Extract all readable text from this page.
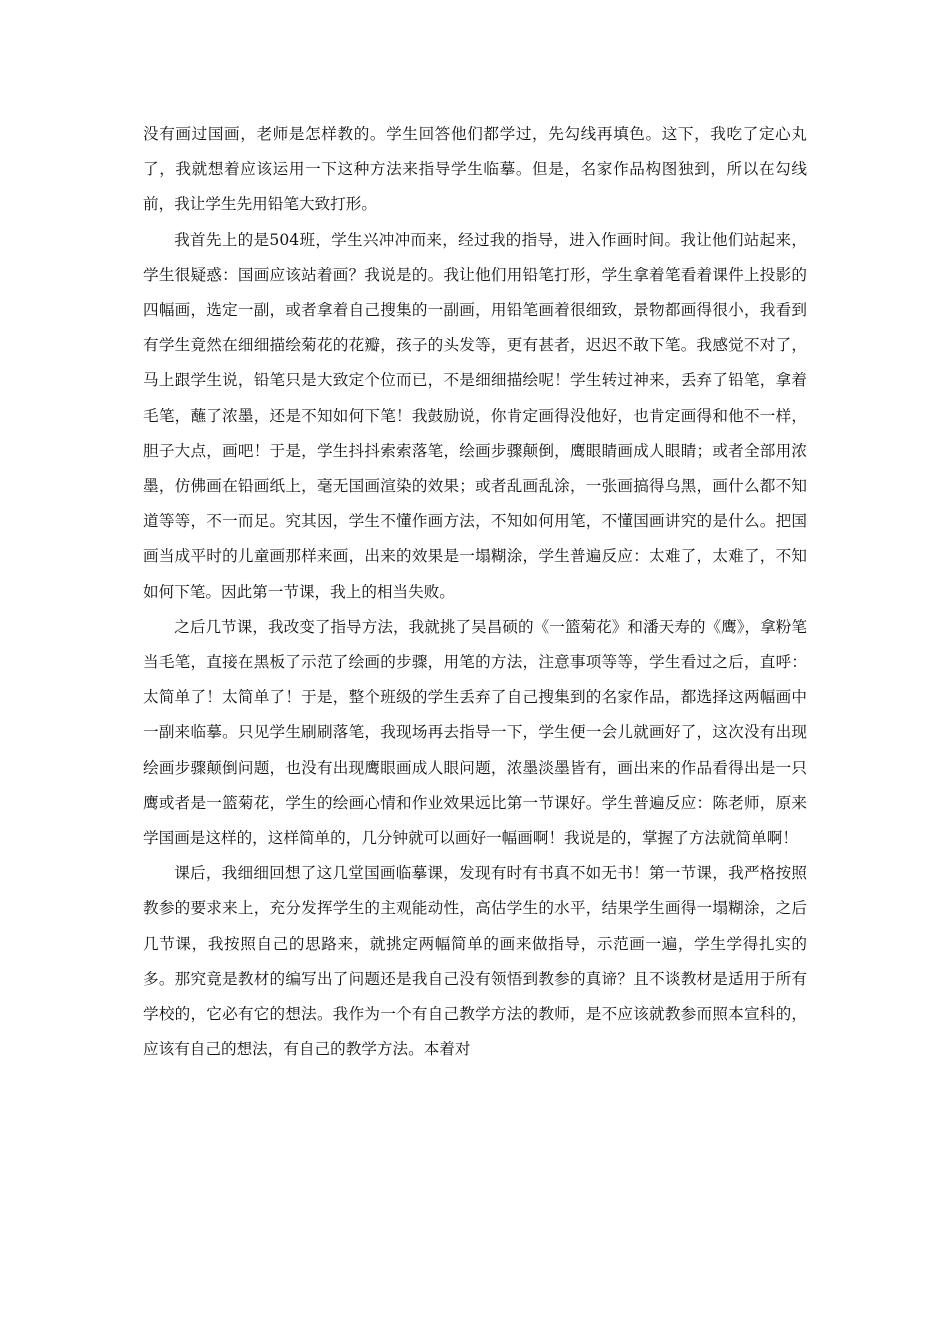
没有画过国画，老师是怎样教的。学生回答他们都学过，先勾线再填色。这下，我吃了定心丸了，我就想着应该运用一下这种方法来指导学生临摹。但是，名家作品构图独到，所以在勾线前，我让学生先用铅笔大致打形。

我首先上的是504班，学生兴冲冲而来，经过我的指导，进入作画时间。我让他们站起来，学生很疑惑：国画应该站着画？我说是的。我让他们用铅笔打形，学生拿着笔看着课件上投影的四幅画，选定一副，或者拿着自己搜集的一副画，用铅笔画着很细致，景物都画得很小，我看到有学生竟然在细细描绘菊花的花瓣，孩子的头发等，更有甚者，迟迟不敢下笔。我感觉不对了，马上跟学生说，铅笔只是大致定个位而已，不是细细描绘呢！学生转过神来，丢弃了铅笔，拿着毛笔，蘸了浓墨，还是不知如何下笔！我鼓励说，你肯定画得没他好，也肯定画得和他不一样，胆子大点，画吧！于是，学生抖抖索索落笔，绘画步骤颠倒，鹰眼睛画成人眼睛；或者全部用浓墨，仿佛画在铅画纸上，毫无国画渲染的效果；或者乱画乱涂，一张画搞得乌黑，画什么都不知道等等，不一而足。究其因，学生不懂作画方法，不知如何用笔，不懂国画讲究的是什么。把国画当成平时的儿童画那样来画，出来的效果是一塌糊涂，学生普遍反应：太难了，太难了，不知如何下笔。因此第一节课，我上的相当失败。

之后几节课，我改变了指导方法，我就挑了吴昌硕的《一篮菊花》和潘天寿的《鹰》，拿粉笔当毛笔，直接在黑板了示范了绘画的步骤，用笔的方法，注意事项等等，学生看过之后，直呼：太简单了！太简单了！于是，整个班级的学生丢弃了自己搜集到的名家作品，都选择这两幅画中一副来临摹。只见学生刷刷落笔，我现场再去指导一下，学生便一会儿就画好了，这次没有出现绘画步骤颠倒问题，也没有出现鹰眼画成人眼问题，浓墨淡墨皆有，画出来的作品看得出是一只鹰或者是一篮菊花，学生的绘画心情和作业效果远比第一节课好。学生普遍反应：陈老师，原来学国画是这样的，这样简单的，几分钟就可以画好一幅画啊！我说是的，掌握了方法就简单啊！

课后，我细细回想了这几堂国画临摹课，发现有时有书真不如无书！第一节课，我严格按照教参的要求来上，充分发挥学生的主观能动性，高估学生的水平，结果学生画得一塌糊涂，之后几节课，我按照自己的思路来，就挑定两幅简单的画来做指导，示范画一遍，学生学得扎实的多。那究竟是教材的编写出了问题还是我自己没有领悟到教参的真谛？且不谈教材是适用于所有学校的，它必有它的想法。我作为一个有自己教学方法的教师，是不应该就教参而照本宣科的，应该有自己的想法，有自己的教学方法。本着对
